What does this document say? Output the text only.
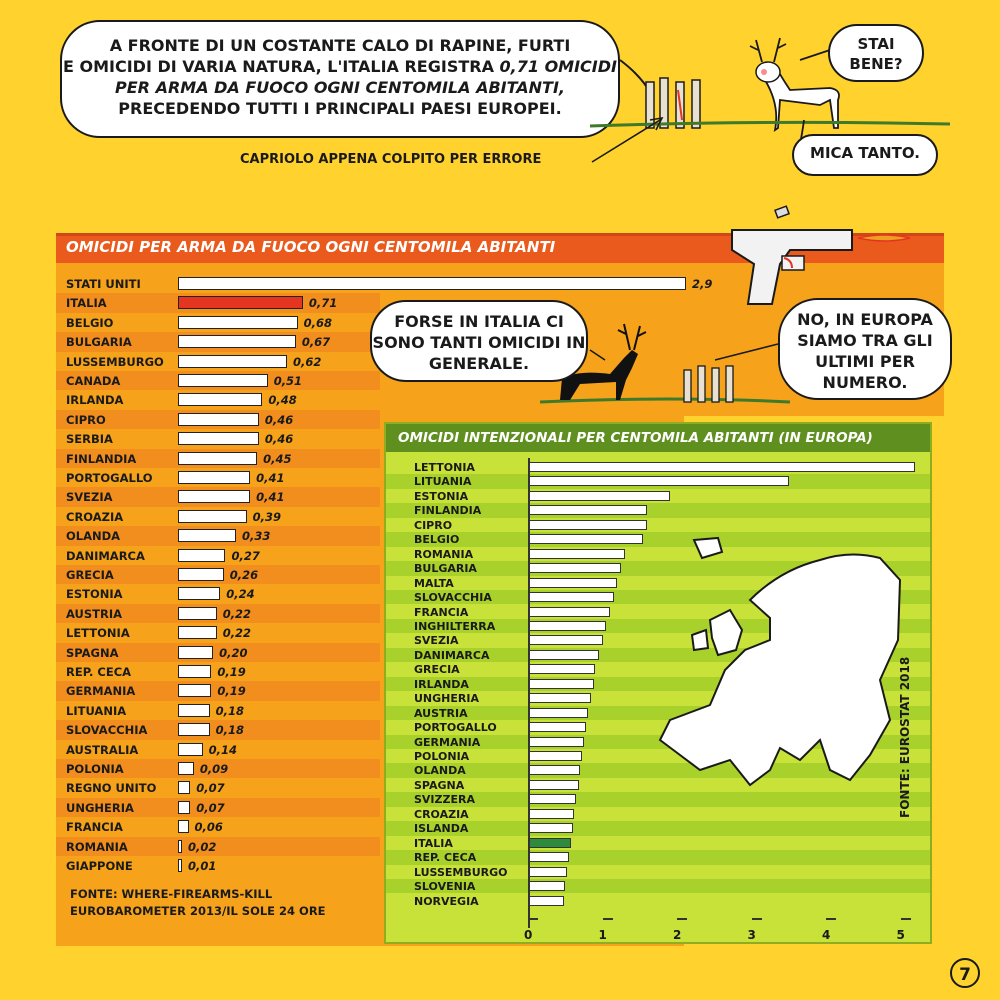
A FRONTE DI UN COSTANTE CALO DI RAPINE, FURTI
E OMICIDI DI VARIA NATURA, L'ITALIA REGISTRA 0,71 OMICIDI
PER ARMA DA FUOCO OGNI CENTOMILA ABITANTI,
PRECEDENDO TUTTI I PRINCIPALI PAESI EUROPEI.
STAI BENE?
MICA TANTO.
CAPRIOLO APPENA COLPITO PER ERRORE
OMICIDI PER ARMA DA FUOCO OGNI CENTOMILA ABITANTI
STATI UNITI	2,9
ITALIA	0,71
BELGIO	0,68
BULGARIA	0,67
LUSSEMBURGO	0,62
CANADA	0,51
IRLANDA	0,48
CIPRO	0,46
SERBIA	0,46
FINLANDIA	0,45
PORTOGALLO	0,41
SVEZIA	0,41
CROAZIA	0,39
OLANDA	0,33
DANIMARCA	0,27
GRECIA	0,26
ESTONIA	0,24
AUSTRIA	0,22
LETTONIA	0,22
SPAGNA	0,20
REP. CECA	0,19
GERMANIA	0,19
LITUANIA	0,18
SLOVACCHIA	0,18
AUSTRALIA	0,14
POLONIA	0,09
REGNO UNITO	0,07
UNGHERIA	0,07
FRANCIA	0,06
ROMANIA	0,02
GIAPPONE	0,01
FONTE: WHERE-FIREARMS-KILL
EUROBAROMETER 2013/IL SOLE 24 ORE
FORSE IN ITALIA CI SONO TANTI OMICIDI IN GENERALE.
NO, IN EUROPA SIAMO TRA GLI ULTIMI PER NUMERO.
OMICIDI INTENZIONALI PER CENTOMILA ABITANTI (IN EUROPA)
LETTONIA
LITUANIA
ESTONIA
FINLANDIA
CIPRO
BELGIO
ROMANIA
BULGARIA
MALTA
SLOVACCHIA
FRANCIA
INGHILTERRA
SVEZIA
DANIMARCA
GRECIA
IRLANDA
UNGHERIA
AUSTRIA
PORTOGALLO
GERMANIA
POLONIA
OLANDA
SPAGNA
SVIZZERA
CROAZIA
ISLANDA
ITALIA
REP. CECA
LUSSEMBURGO
SLOVENIA
NORVEGIA
0	1	2	3	4	5
FONTE: EUROSTAT 2018
7
